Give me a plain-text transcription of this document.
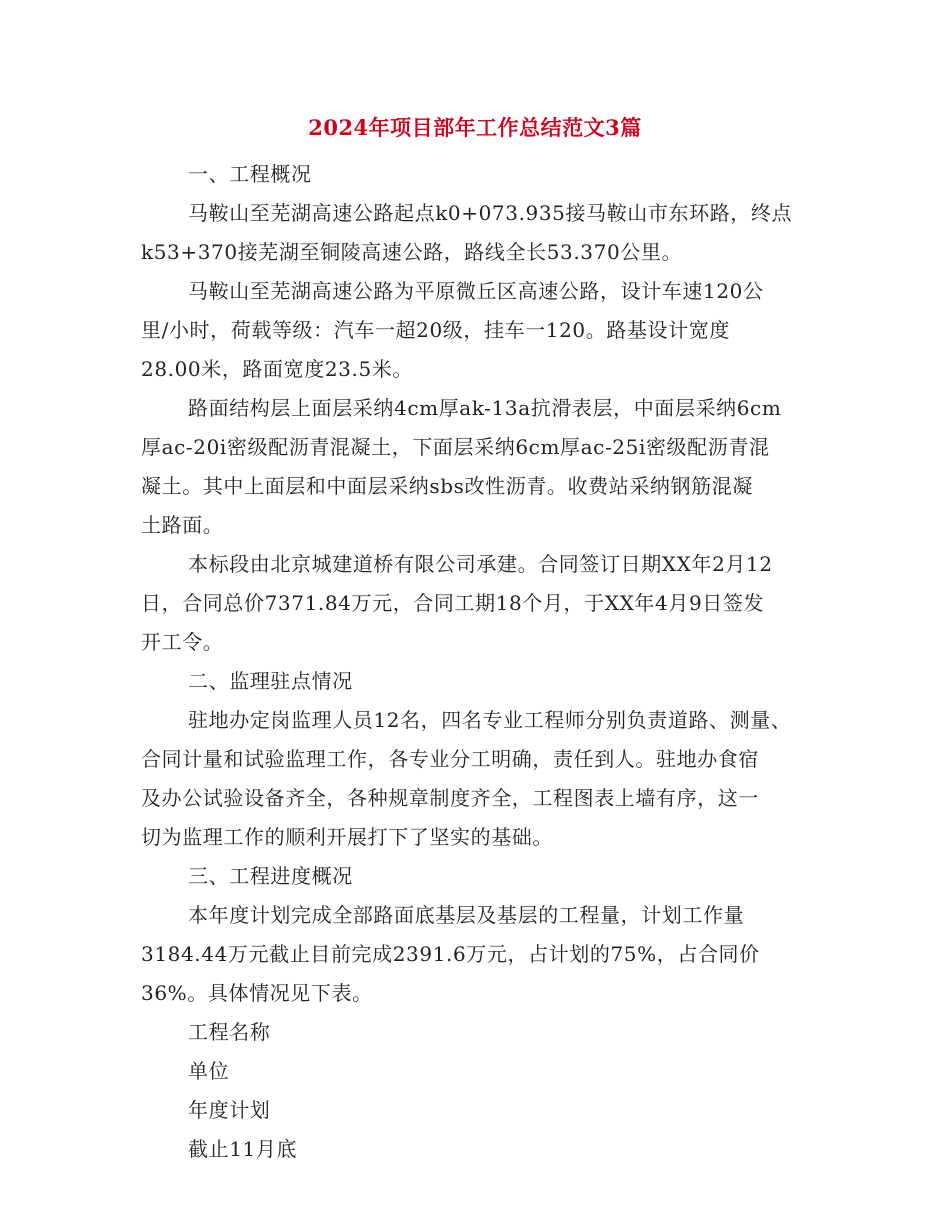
2024年项目部年工作总结范文3篇

一、工程概况

马鞍山至芜湖高速公路起点k0+073.935接马鞍山市东环路，终点

k53+370接芜湖至铜陵高速公路，路线全长53.370公里。

马鞍山至芜湖高速公路为平原微丘区高速公路，设计车速120公

里/小时，荷载等级：汽车一超20级，挂车一120。路基设计宽度
28.00米，路面宽度23.5米。

路面结构层上面层采纳4cm厚ak-13a抗滑表层，中面层采纳6cm

厚ac-20i密级配沥青混凝土，下面层采纳6cm厚ac-25i密级配沥青混
凝土。其中上面层和中面层采纳sbs改性沥青。收费站采纳钢筋混凝
土路面。

本标段由北京城建道桥有限公司承建。合同签订日期XX年2月12

日，合同总价7371.84万元，合同工期18个月，于XX年4月9日签发
开工令。

二、监理驻点情况

驻地办定岗监理人员12名，四名专业工程师分别负责道路、测量、

合同计量和试验监理工作，各专业分工明确，责任到人。驻地办食宿
及办公试验设备齐全，各种规章制度齐全，工程图表上墙有序，这一
切为监理工作的顺利开展打下了坚实的基础。

三、工程进度概况

本年度计划完成全部路面底基层及基层的工程量，计划工作量

3184.44万元截止目前完成2391.6万元，占计划的75%，占合同价
36%。具体情况见下表。

工程名称

单位

年度计划

截止11月底
